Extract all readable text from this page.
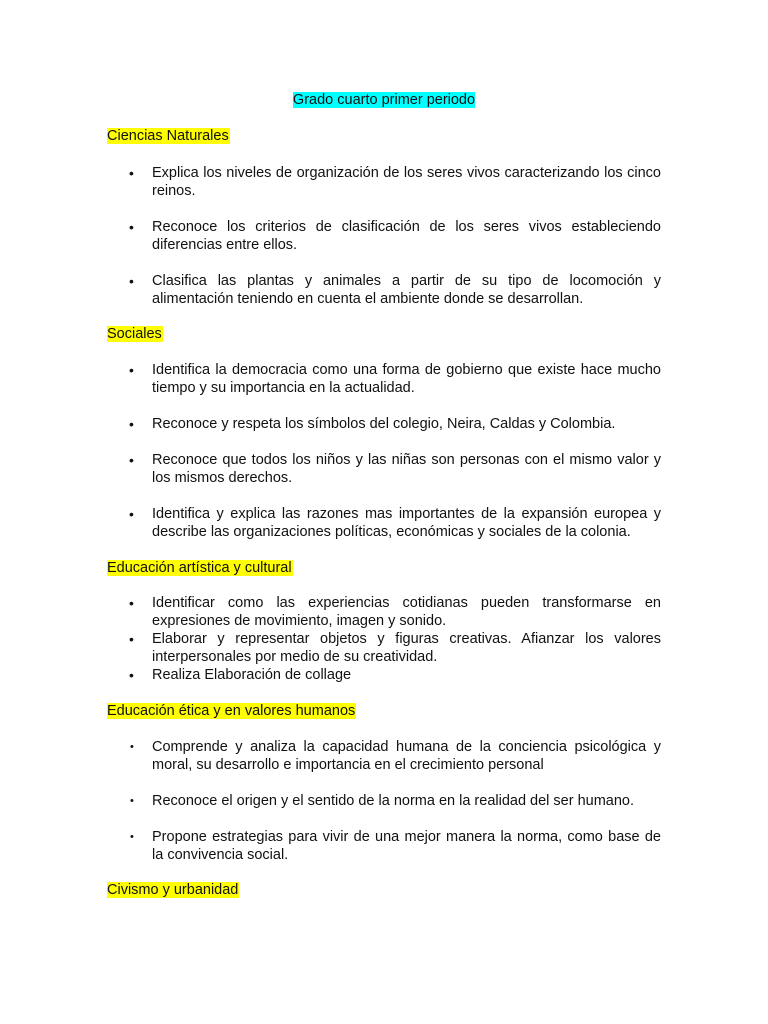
Grado cuarto primer periodo
Ciencias Naturales
• Explica los niveles de organización de los seres vivos caracterizando los cinco reinos.
• Reconoce los criterios de clasificación de los seres vivos estableciendo diferencias entre ellos.
• Clasifica las plantas y animales a partir de su tipo de locomoción y alimentación teniendo en cuenta el ambiente donde se desarrollan.
Sociales
• Identifica la democracia como una forma de gobierno que existe hace mucho tiempo y su importancia en la actualidad.
• Reconoce y respeta los símbolos del colegio, Neira, Caldas y Colombia.
• Reconoce que todos los niños y las niñas son personas con el mismo valor y los mismos derechos.
• Identifica y explica las razones mas importantes de la expansión europea y describe las organizaciones políticas, económicas y sociales de la colonia.
Educación artística y cultural
• Identificar como las experiencias cotidianas pueden transformarse en expresiones de movimiento, imagen y sonido.
• Elaborar y representar objetos y figuras creativas. Afianzar los valores interpersonales por medio de su creatividad.
• Realiza Elaboración de collage
Educación ética y en valores humanos
• Comprende y analiza la capacidad humana de la conciencia psicológica y moral, su desarrollo e importancia en el crecimiento personal
• Reconoce el origen y el sentido de la norma en la realidad del ser humano.
• Propone estrategias para vivir de una mejor manera la norma, como base de la convivencia social.
Civismo y urbanidad
